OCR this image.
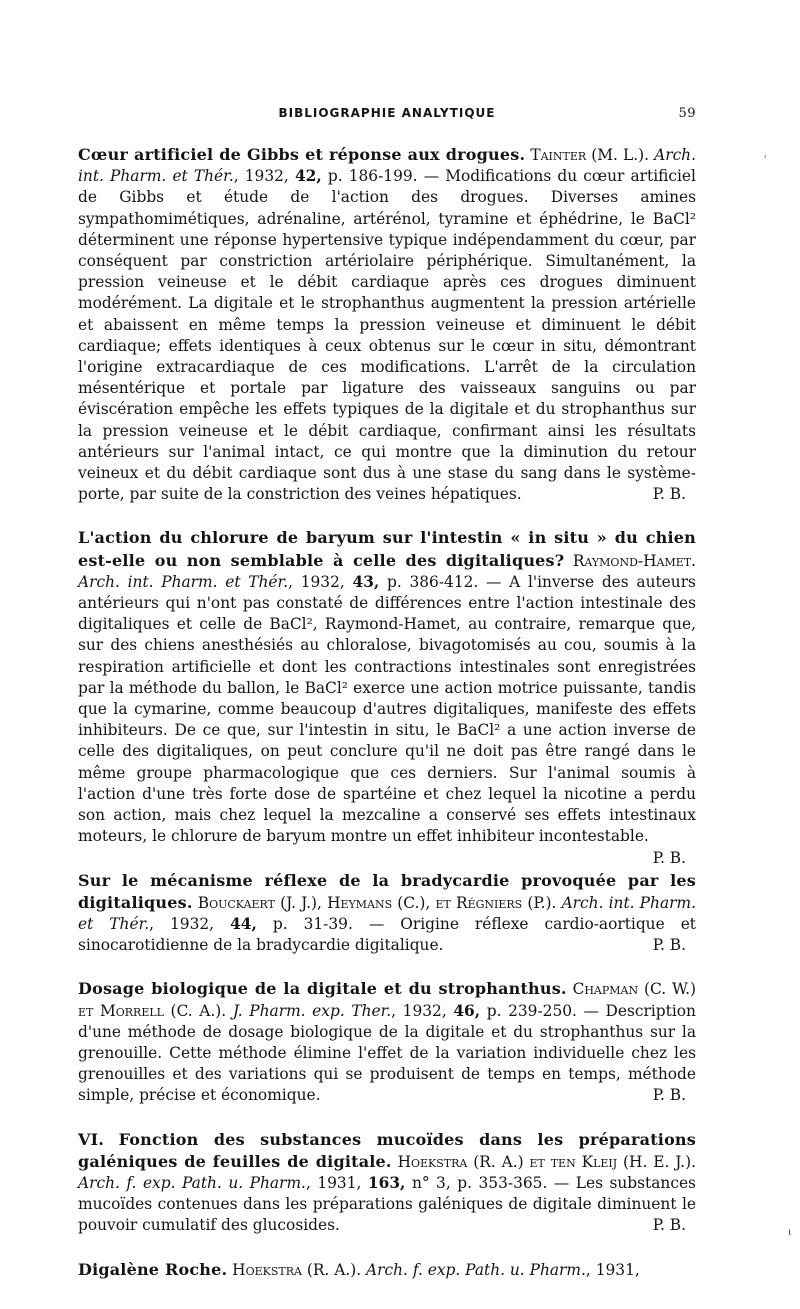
BIBLIOGRAPHIE ANALYTIQUE	59
Cœur artificiel de Gibbs et réponse aux drogues. Tainter (M. L.). Arch. int. Pharm. et Thér., 1932, 42, p. 186-199. — Modifications du cœur artificiel de Gibbs et étude de l'action des drogues. Diverses amines sympathomimétiques, adrénaline, artérénol, tyramine et éphédrine, le BaCl² déterminent une réponse hypertensive typique indépendamment du cœur, par conséquent par constriction artériolaire périphérique. Simultanément, la pression veineuse et le débit cardiaque après ces drogues diminuent modérément. La digitale et le strophanthus augmentent la pression artérielle et abaissent en même temps la pression veineuse et diminuent le débit cardiaque; effets identiques à ceux obtenus sur le cœur in situ, démontrant l'origine extracardiaque de ces modifications. L'arrêt de la circulation mésentérique et portale par ligature des vaisseaux sanguins ou par éviscération empêche les effets typiques de la digitale et du strophanthus sur la pression veineuse et le débit cardiaque, confirmant ainsi les résultats antérieurs sur l'animal intact, ce qui montre que la diminution du retour veineux et du débit cardiaque sont dus à une stase du sang dans le système-porte, par suite de la constriction des veines hépatiques.	P. B.
L'action du chlorure de baryum sur l'intestin « in situ » du chien est-elle ou non semblable à celle des digitaliques? Raymond-Hamet. Arch. int. Pharm. et Thér., 1932, 43, p. 386-412. — A l'inverse des auteurs antérieurs qui n'ont pas constaté de différences entre l'action intestinale des digitaliques et celle de BaCl², Raymond-Hamet, au contraire, remarque que, sur des chiens anesthésiés au chloralose, bivagotomisés au cou, soumis à la respiration artificielle et dont les contractions intestinales sont enregistrées par la méthode du ballon, le BaCl² exerce une action motrice puissante, tandis que la cymarine, comme beaucoup d'autres digitaliques, manifeste des effets inhibiteurs. De ce que, sur l'intestin in situ, le BaCl² a une action inverse de celle des digitaliques, on peut conclure qu'il ne doit pas être rangé dans le même groupe pharmacologique que ces derniers. Sur l'animal soumis à l'action d'une très forte dose de spartéine et chez lequel la nicotine a perdu son action, mais chez lequel la mezcaline a conservé ses effets intestinaux moteurs, le chlorure de baryum montre un effet inhibiteur incontestable.
P. B.
Sur le mécanisme réflexe de la bradycardie provoquée par les digitaliques. Bouckaert (J. J.), Heymans (C.), et Régniers (P.). Arch. int. Pharm. et Thér., 1932, 44, p. 31-39. — Origine réflexe cardio-aortique et sinocarotidienne de la bradycardie digitalique.	P. B.
Dosage biologique de la digitale et du strophanthus. Chapman (C. W.) et Morrell (C. A.). J. Pharm. exp. Ther., 1932, 46, p. 239-250. — Description d'une méthode de dosage biologique de la digitale et du strophanthus sur la grenouille. Cette méthode élimine l'effet de la variation individuelle chez les grenouilles et des variations qui se produisent de temps en temps, méthode simple, précise et économique.	P. B.
VI. Fonction des substances mucoïdes dans les préparations galéniques de feuilles de digitale. Hoekstra (R. A.) et ten Kleij (H. E. J.). Arch. f. exp. Path. u. Pharm., 1931, 163, n° 3, p. 353-365. — Les substances mucoïdes contenues dans les préparations galéniques de digitale diminuent le pouvoir cumulatif des glucosides.	P. B.
Digalène Roche. Hoekstra (R. A.). Arch. f. exp. Path. u. Pharm., 1931,
′
ι
